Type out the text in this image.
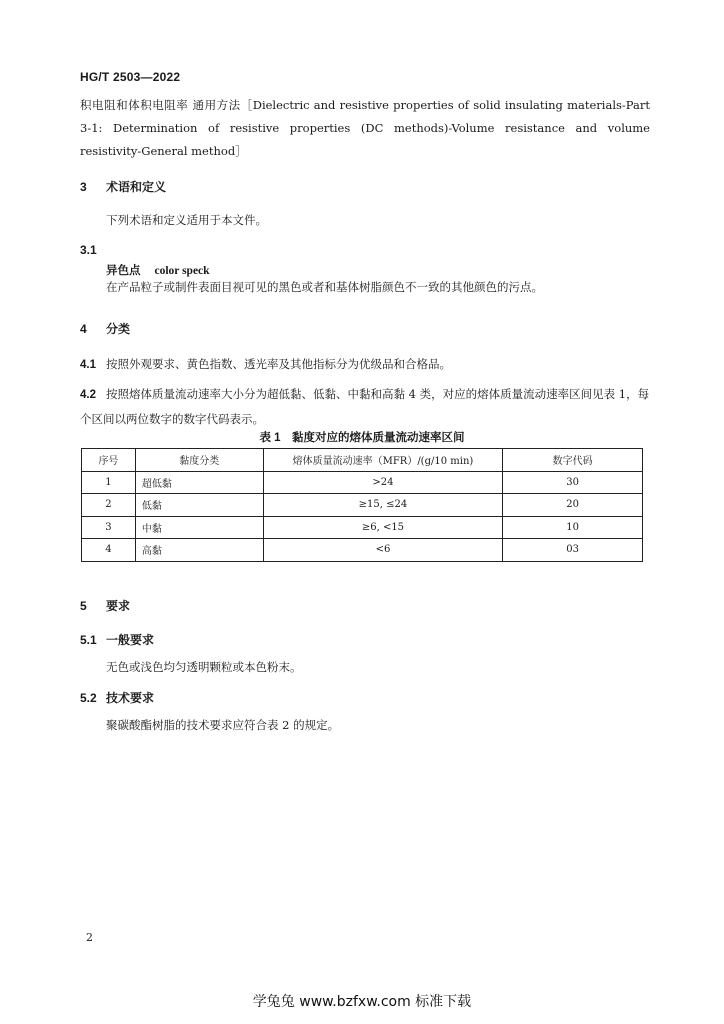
HG/T 2503—2022
积电阻和体积电阻率 通用方法［Dielectric and resistive properties of solid insulating materials-Part 3-1: Determination of resistive properties (DC methods)-Volume resistance and volume resistivity-General method］
3 术语和定义
下列术语和定义适用于本文件。
3.1
异色点 color speck
在产品粒子或制件表面目视可见的黑色或者和基体树脂颜色不一致的其他颜色的污点。
4 分类
4.1 按照外观要求、黄色指数、透光率及其他指标分为优级品和合格品。
4.2 按照熔体质量流动速率大小分为超低黏、低黏、中黏和高黏 4 类，对应的熔体质量流动速率区间见表 1，每个区间以两位数字的数字代码表示。
表 1　黏度对应的熔体质量流动速率区间
序号	黏度分类	熔体质量流动速率（MFR）/(g/10 min)	数字代码
1	超低黏	>24	30
2	低黏	≥15, ≤24	20
3	中黏	≥6, <15	10
4	高黏	<6	03
5 要求
5.1 一般要求
无色或浅色均匀透明颗粒或本色粉末。
5.2 技术要求
聚碳酸酯树脂的技术要求应符合表 2 的规定。
2
学兔兔 www.bzfxw.com 标准下载
